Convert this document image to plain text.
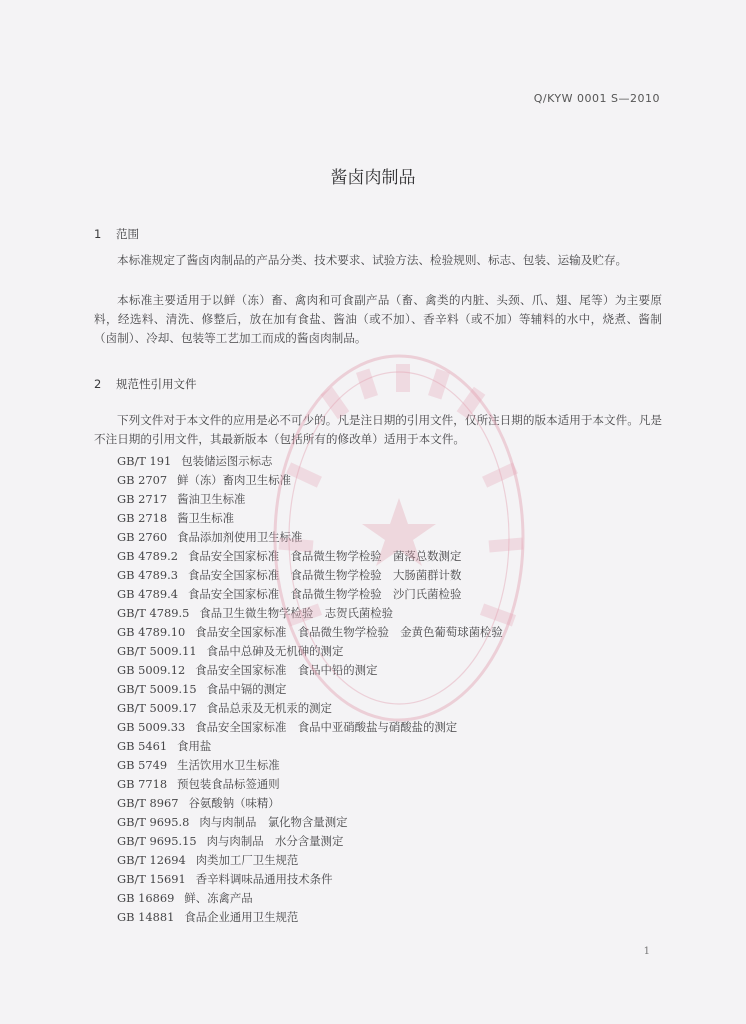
Q/KYW 0001 S—2010
酱卤肉制品
1 范围

本标准规定了酱卤肉制品的产品分类、技术要求、试验方法、检验规则、标志、包装、运输及贮存。

本标准主要适用于以鲜（冻）畜、禽肉和可食副产品（畜、禽类的内脏、头颈、爪、翅、尾等）为主要原料，经选料、清洗、修整后，放在加有食盐、酱油（或不加）、香辛料（或不加）等辅料的水中，烧煮、酱制（卤制）、冷却、包装等工艺加工而成的酱卤肉制品。

2 规范性引用文件

下列文件对于本文件的应用是必不可少的。凡是注日期的引用文件，仅所注日期的版本适用于本文件。凡是不注日期的引用文件，其最新版本（包括所有的修改单）适用于本文件。

GB/T 191 包装储运图示标志
GB 2707 鲜（冻）畜肉卫生标准
GB 2717 酱油卫生标准
GB 2718 酱卫生标准
GB 2760 食品添加剂使用卫生标准
GB 4789.2 食品安全国家标准　食品微生物学检验　菌落总数测定
GB 4789.3 食品安全国家标准　食品微生物学检验　大肠菌群计数
GB 4789.4 食品安全国家标准　食品微生物学检验　沙门氏菌检验
GB/T 4789.5 食品卫生微生物学检验　志贺氏菌检验
GB 4789.10 食品安全国家标准　食品微生物学检验　金黄色葡萄球菌检验
GB/T 5009.11 食品中总砷及无机砷的测定
GB 5009.12 食品安全国家标准　食品中铅的测定
GB/T 5009.15 食品中镉的测定
GB/T 5009.17 食品总汞及无机汞的测定
GB 5009.33 食品安全国家标准　食品中亚硝酸盐与硝酸盐的测定
GB 5461 食用盐
GB 5749 生活饮用水卫生标准
GB 7718 预包装食品标签通则
GB/T 8967 谷氨酸钠（味精）
GB/T 9695.8 肉与肉制品　氯化物含量测定
GB/T 9695.15 肉与肉制品　水分含量测定
GB/T 12694 肉类加工厂卫生规范
GB/T 15691 香辛料调味品通用技术条件
GB 16869 鲜、冻禽产品
GB 14881 食品企业通用卫生规范
1
